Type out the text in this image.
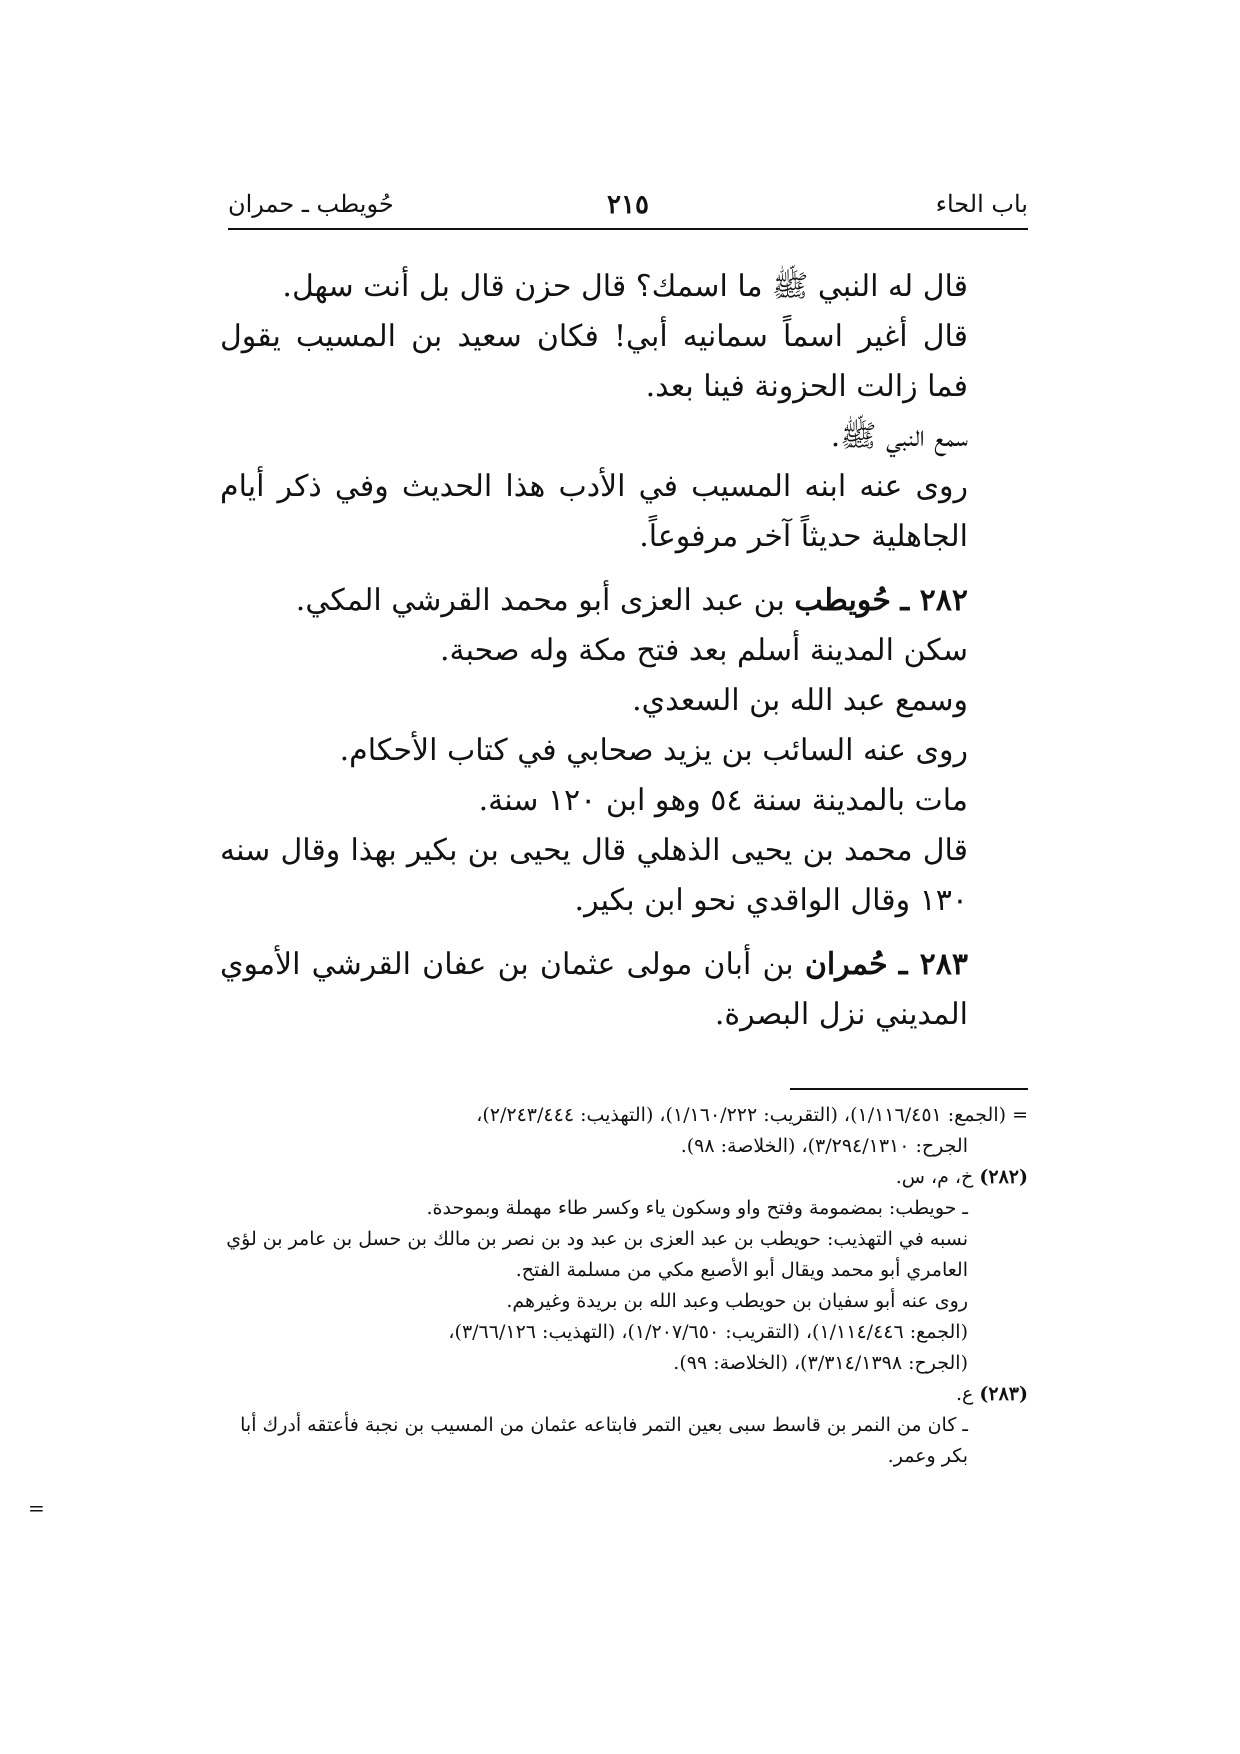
باب الحاء
٢١٥
حُويطب ـ حمران

قال له النبي ﷺ ما اسمك؟ قال حزن قال بل أنت سهل.

قال أغير اسماً سمانيه أبي! فكان سعيد بن المسيب يقول فما زالت الحزونة فينا بعد.

سمع النبي ﷺ.

روى عنه ابنه المسيب في الأدب هذا الحديث وفي ذكر أيام الجاهلية حديثاً آخر مرفوعاً.

٢٨٢ ـ حُويطب بن عبد العزى أبو محمد القرشي المكي.

سكن المدينة أسلم بعد فتح مكة وله صحبة.

وسمع عبد الله بن السعدي.

روى عنه السائب بن يزيد صحابي في كتاب الأحكام.

مات بالمدينة سنة ٥٤ وهو ابن ١٢٠ سنة.

قال محمد بن يحيى الذهلي قال يحيى بن بكير بهذا وقال سنه ١٣٠ وقال الواقدي نحو ابن بكير.

٢٨٣ ـ حُمران بن أبان مولى عثمان بن عفان القرشي الأموي المديني نزل البصرة.

= (الجمع: ١/١١٦/٤٥١)، (التقريب: ١/١٦٠/٢٢٢)، (التهذيب: ٢/٢٤٣/٤٤٤)،

الجرح: ٣/٢٩٤/١٣١٠)، (الخلاصة: ٩٨).

(٢٨٢) خ، م، س.

ـ حويطب: بمضمومة وفتح واو وسكون ياء وكسر طاء مهملة وبموحدة.

نسبه في التهذيب: حويطب بن عبد العزى بن عبد ود بن نصر بن مالك بن حسل بن عامر بن لؤي العامري أبو محمد ويقال أبو الأصبع مكي من مسلمة الفتح.

روى عنه أبو سفيان بن حويطب وعبد الله بن بريدة وغيرهم.

(الجمع: ١/١١٤/٤٤٦)، (التقريب: ١/٢٠٧/٦٥٠)، (التهذيب: ٣/٦٦/١٢٦)،

(الجرح: ٣/٣١٤/١٣٩٨)، (الخلاصة: ٩٩).

(٢٨٣) ع.

ـ كان من النمر بن قاسط سبى بعين التمر فابتاعه عثمان من المسيب بن نجبة فأعتقه أدرك أبا بكر وعمر.

=
